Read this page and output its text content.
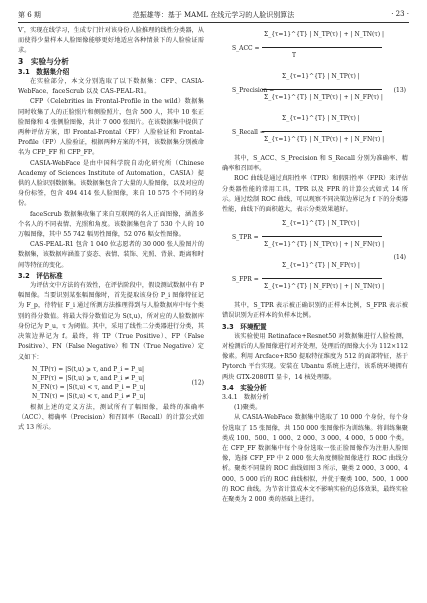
第 6 期	范振雄等：基于 MAML 在线元学习的人脸识别算法	· 23 ·

V′，实现在线学习，生成专门针对该身份人脸推理的线性分类器，从而使得少量样本人脸图像能够更好地适应各种情景下的人脸验证需求。

3　实验与分析

3.1　数据集介绍

在实验部分，本文分别选取了以下数据集：CFP、CASIA-WebFace、faceScrub 以及 CAS-PEAL-R1。

CFP（Celebrities in Frontal-Profile in the wild）数据集同时收集了人的正脸照片和侧脸照片，包含 500 人，其中 10 张正脸图像和 4 张侧脸图像，共计 7 000 张图片。在该数据集中提供了两种评估方案，即 Frontal-Frontal（FF）人脸验证和 Frontal-Profile（FP）人脸验证，根据两种方案的不同，该数据集分别被命名为 CFP_FF 和 CFP_FP。

CASIA-WebFace 是由中国科学院自动化研究所（Chinese Academy of Sciences Institute of Automation，CASIA）提供的人脸识别数据集。该数据集包含了大量的人脸图像，以及对应的身份标签，包含 494 414 张人脸图像，来自 10 575 个不同的身份。

faceScrub 数据集收集了来自互联网的名人正面图像，涵盖多个名人的不同表情、光照和角度。该数据集包含了 530 个人的 10 万幅图像，其中 55 742 幅男性图像，52 076 幅女性图像。

CAS-PEAL-R1 包含 1 040 位志愿者的 30 000 张人脸图片的数据集，该数据库涵盖了姿态、表情、装饰、光照、背景、距离和时间等特征的变化。

3.2　评估标准

为评估文中方法的有效性，在评估阶段中，假设测试数据中有 P 幅图像。当要识别某张幅图像时，首先提取该身份 P_i 图像特征记为 F_p，待特征 F_i 通过所测方法推理得到与人脸数据库中每个类别的得分数值。将最大得分数值记为 S(t,u)，所对应的人脸数据库身份记为 P_u，τ 为阈值。其中，采用了线性二分类器进行分类，其决策边界记为 f。最终，将 TP（True Positive）、FP（False Positive）、FN（False Negative）和 TN（True Negative）定义如下：

N_TP(τ) = |S(t,u) ⩾ τ, and P_i = P_u|
N_FP(τ) = |S(t,u) ⩾ τ, and P_i ≠ P_u|
N_FN(τ) = |S(t,u) < τ, and P_i = P_u|
N_TN(τ) = |S(t,u) < τ, and P_i ≠ P_u|
(12)

根据上述的定义方法，测试所有了幅图像，最终的准确率（ACC）、精确率（Precision）和召回率（Recall）的计算公式如式 13 所示。

S_ACC =
Σ_{τ=1}^{T} | N_TP(τ) | + | N_TN(τ) |
T
S_Precision =
Σ_{τ=1}^{T} | N_TP(τ) |
Σ_{τ=1}^{T} | N_TP(τ) | + | N_FP(τ) |
(13)
S_Recall =
Σ_{τ=1}^{T} | N_TP(τ) |
Σ_{τ=1}^{T} | N_TP(τ) | + | N_FN(τ) |

其中，S_ACC、S_Precision 和 S_Recall 分别为准确率、精确率和召回率。

ROC 曲线是通过真阳性率（TPR）和假阳性率（FPR）来评估分类器性能的常用工具，TPR 以及 FPR 的计算公式如式 14 所示。通过绘制 ROC 曲线，可以观察不同决策边界记为 f 下的分类器性能，曲线下的面积越大，表示分类效果越好。

S_TPR =
Σ_{τ=1}^{T} | N_TP(τ) |
Σ_{τ=1}^{T} | N_TP(τ) | + | N_FN(τ) |
(14)
S_FPR =
Σ_{τ=1}^{T} | N_FP(τ) |
Σ_{τ=1}^{T} | N_FP(τ) | + | N_TN(τ) |

其中，S_TPR 表示被正确识别的正样本比例，S_FPR 表示被错误识别为正样本的负样本比例。

3.3　环境配置

该实验使用 Retinaface+Resnet50 对数据集进行人脸检测，对检测后的人脸图像进行对齐处理，处理后的图像大小为 112×112 像素。利用 Arcface+R50 提取特征维度为 512 的面部特征，基于 Pytorch 平台实现。安装在 Ubantu 系统上进行，该系统环境拥有两块 GTX-2080TI 显卡，14 核处理器。

3.4　实验分析

3.4.1　数据分析

(1)聚类。

从 CASIA-WebFace 数据集中选取了 10 000 个身份，每个身份选取了 15 张图像，共 150 000 张图像作为训练集。将训练集聚类成 100、500、1 000、2 000、3 000、4 000、5 000 个类。在 CFP_FF 数据集中每个身份选取一张正脸图像作为注册人脸图像，选择 CFP_FP 中 2 000 张大角度侧脸图像进行 ROC 曲线分析。聚类不同量的 ROC 曲线如图 3 所示，聚类 2 000、3 000、4 000、5 000 后的 ROC 曲线相似，并优于聚类 100、500、1 000 的 ROC 曲线。为节省计算成本文不影响实验的总体效果，最终实验在聚类为 2 000 类的基础上进行。
